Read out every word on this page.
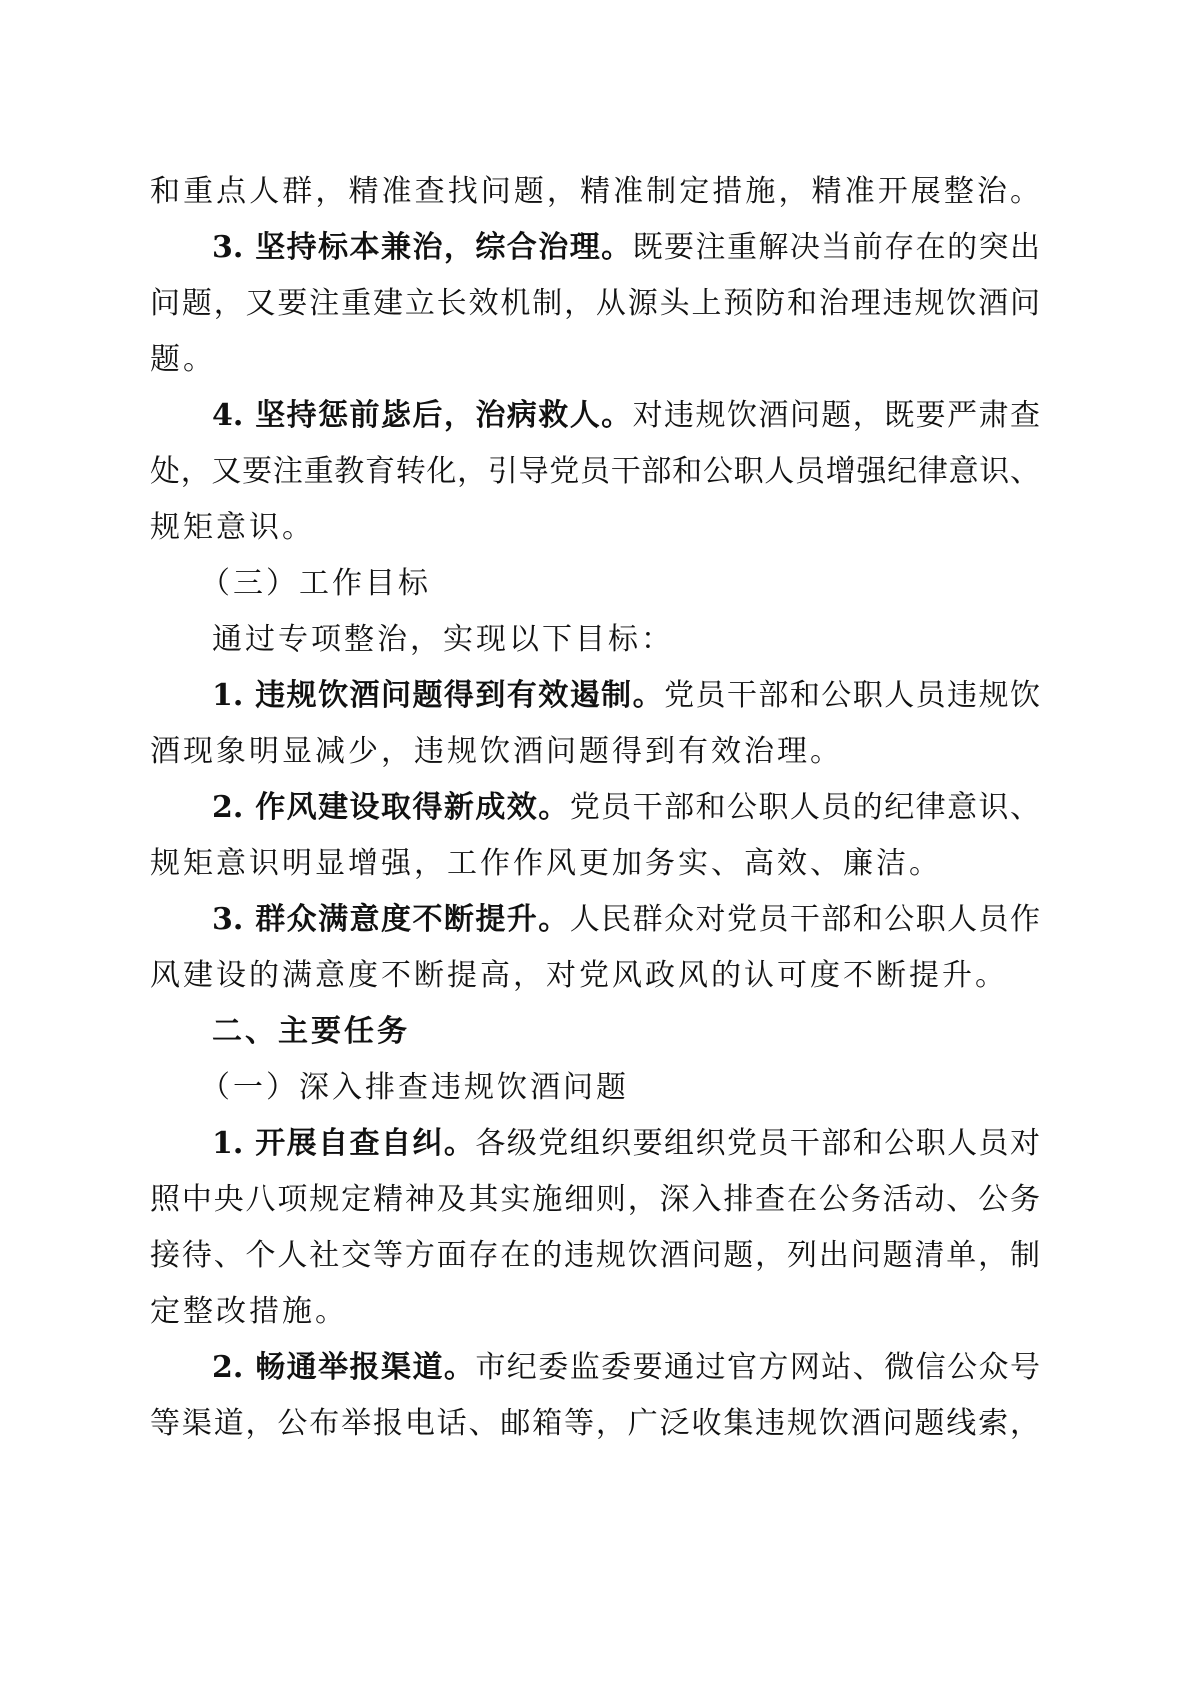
和重点人群，精准查找问题，精准制定措施，精准开展整治。
3. 坚持标本兼治，综合治理。既要注重解决当前存在的突出
问题，又要注重建立长效机制，从源头上预防和治理违规饮酒问
题。
4. 坚持惩前毖后，治病救人。对违规饮酒问题，既要严肃查
处，又要注重教育转化，引导党员干部和公职人员增强纪律意识、
规矩意识。
（三）工作目标
通过专项整治，实现以下目标：
1. 违规饮酒问题得到有效遏制。党员干部和公职人员违规饮
酒现象明显减少，违规饮酒问题得到有效治理。
2. 作风建设取得新成效。党员干部和公职人员的纪律意识、
规矩意识明显增强，工作作风更加务实、高效、廉洁。
3. 群众满意度不断提升。人民群众对党员干部和公职人员作
风建设的满意度不断提高，对党风政风的认可度不断提升。
二、主要任务
（一）深入排查违规饮酒问题
1. 开展自查自纠。各级党组织要组织党员干部和公职人员对
照中央八项规定精神及其实施细则，深入排查在公务活动、公务
接待、个人社交等方面存在的违规饮酒问题，列出问题清单，制
定整改措施。
2. 畅通举报渠道。市纪委监委要通过官方网站、微信公众号
等渠道，公布举报电话、邮箱等，广泛收集违规饮酒问题线索，
